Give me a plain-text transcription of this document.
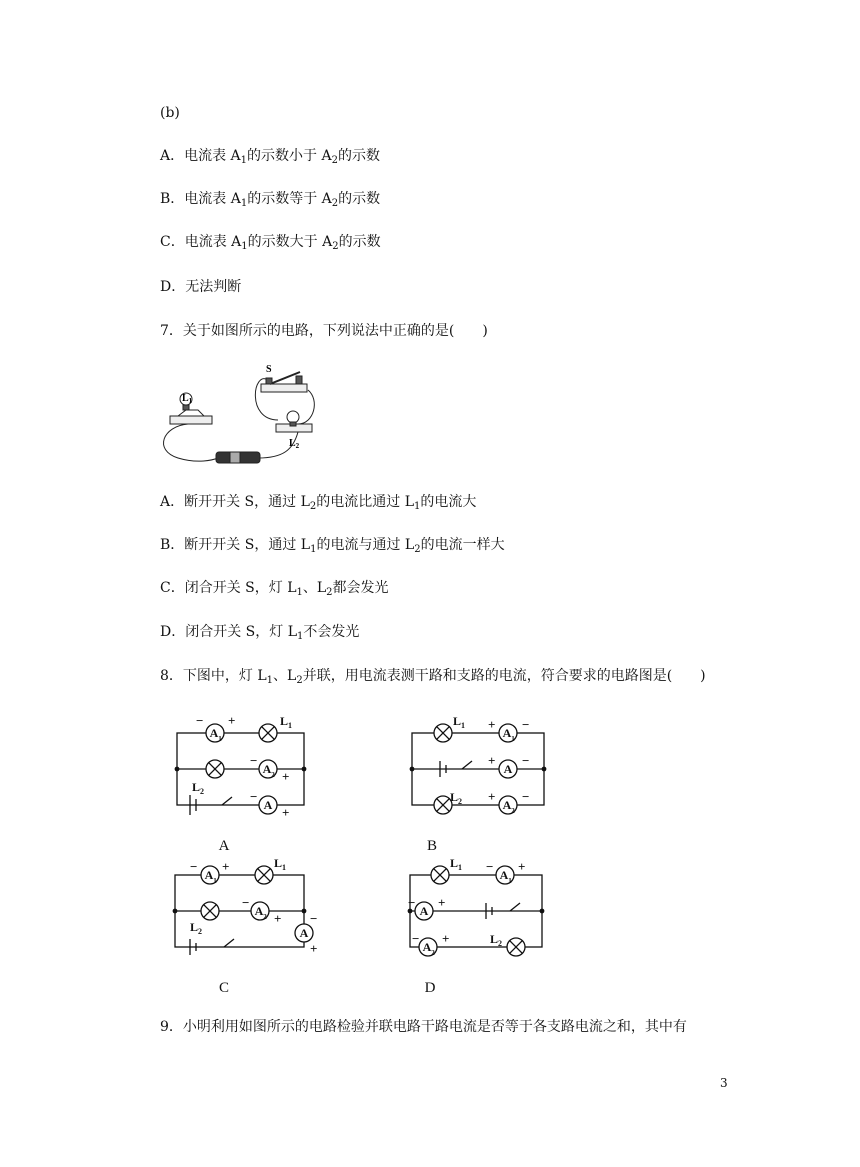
(b)
A．电流表 $A_1$的示数小于 $A_2$的示数
B．电流表 $A_1$的示数等于 $A_2$的示数
C．电流表 $A_1$的示数大于 $A_2$的示数
D．无法判断
7．关于如图所示的电路，下列说法中正确的是(　　)
S
$L_1$
$L_2$
A．断开开关 S，通过 $L_2$的电流比通过 $L_1$的电流大
B．断开开关 S，通过 $L_1$的电流与通过 $L_2$的电流一样大
C．闭合开关 S，灯 $L_1$、$L_2$都会发光
D．闭合开关 S，灯 $L_1$不会发光
8．下图中，灯 $L_1$、$L_2$并联，用电流表测干路和支路的电流，符合要求的电路图是(　　)
A 1
A 2
A
A 1
A
A 2
A 1
A 2
A
A 1
A
A 2
− +
−
+
−
+
+ −
+ −
+ −
− +
−
+ −
+
− +
− +
− +
$L_1$
$L_2$
$L_1$
$L_2$
$L_1$
$L_2$
$L_1$
$L_2$
A	B
C	D
9．小明利用如图所示的电路检验并联电路干路电流是否等于各支路电流之和，其中有
3
